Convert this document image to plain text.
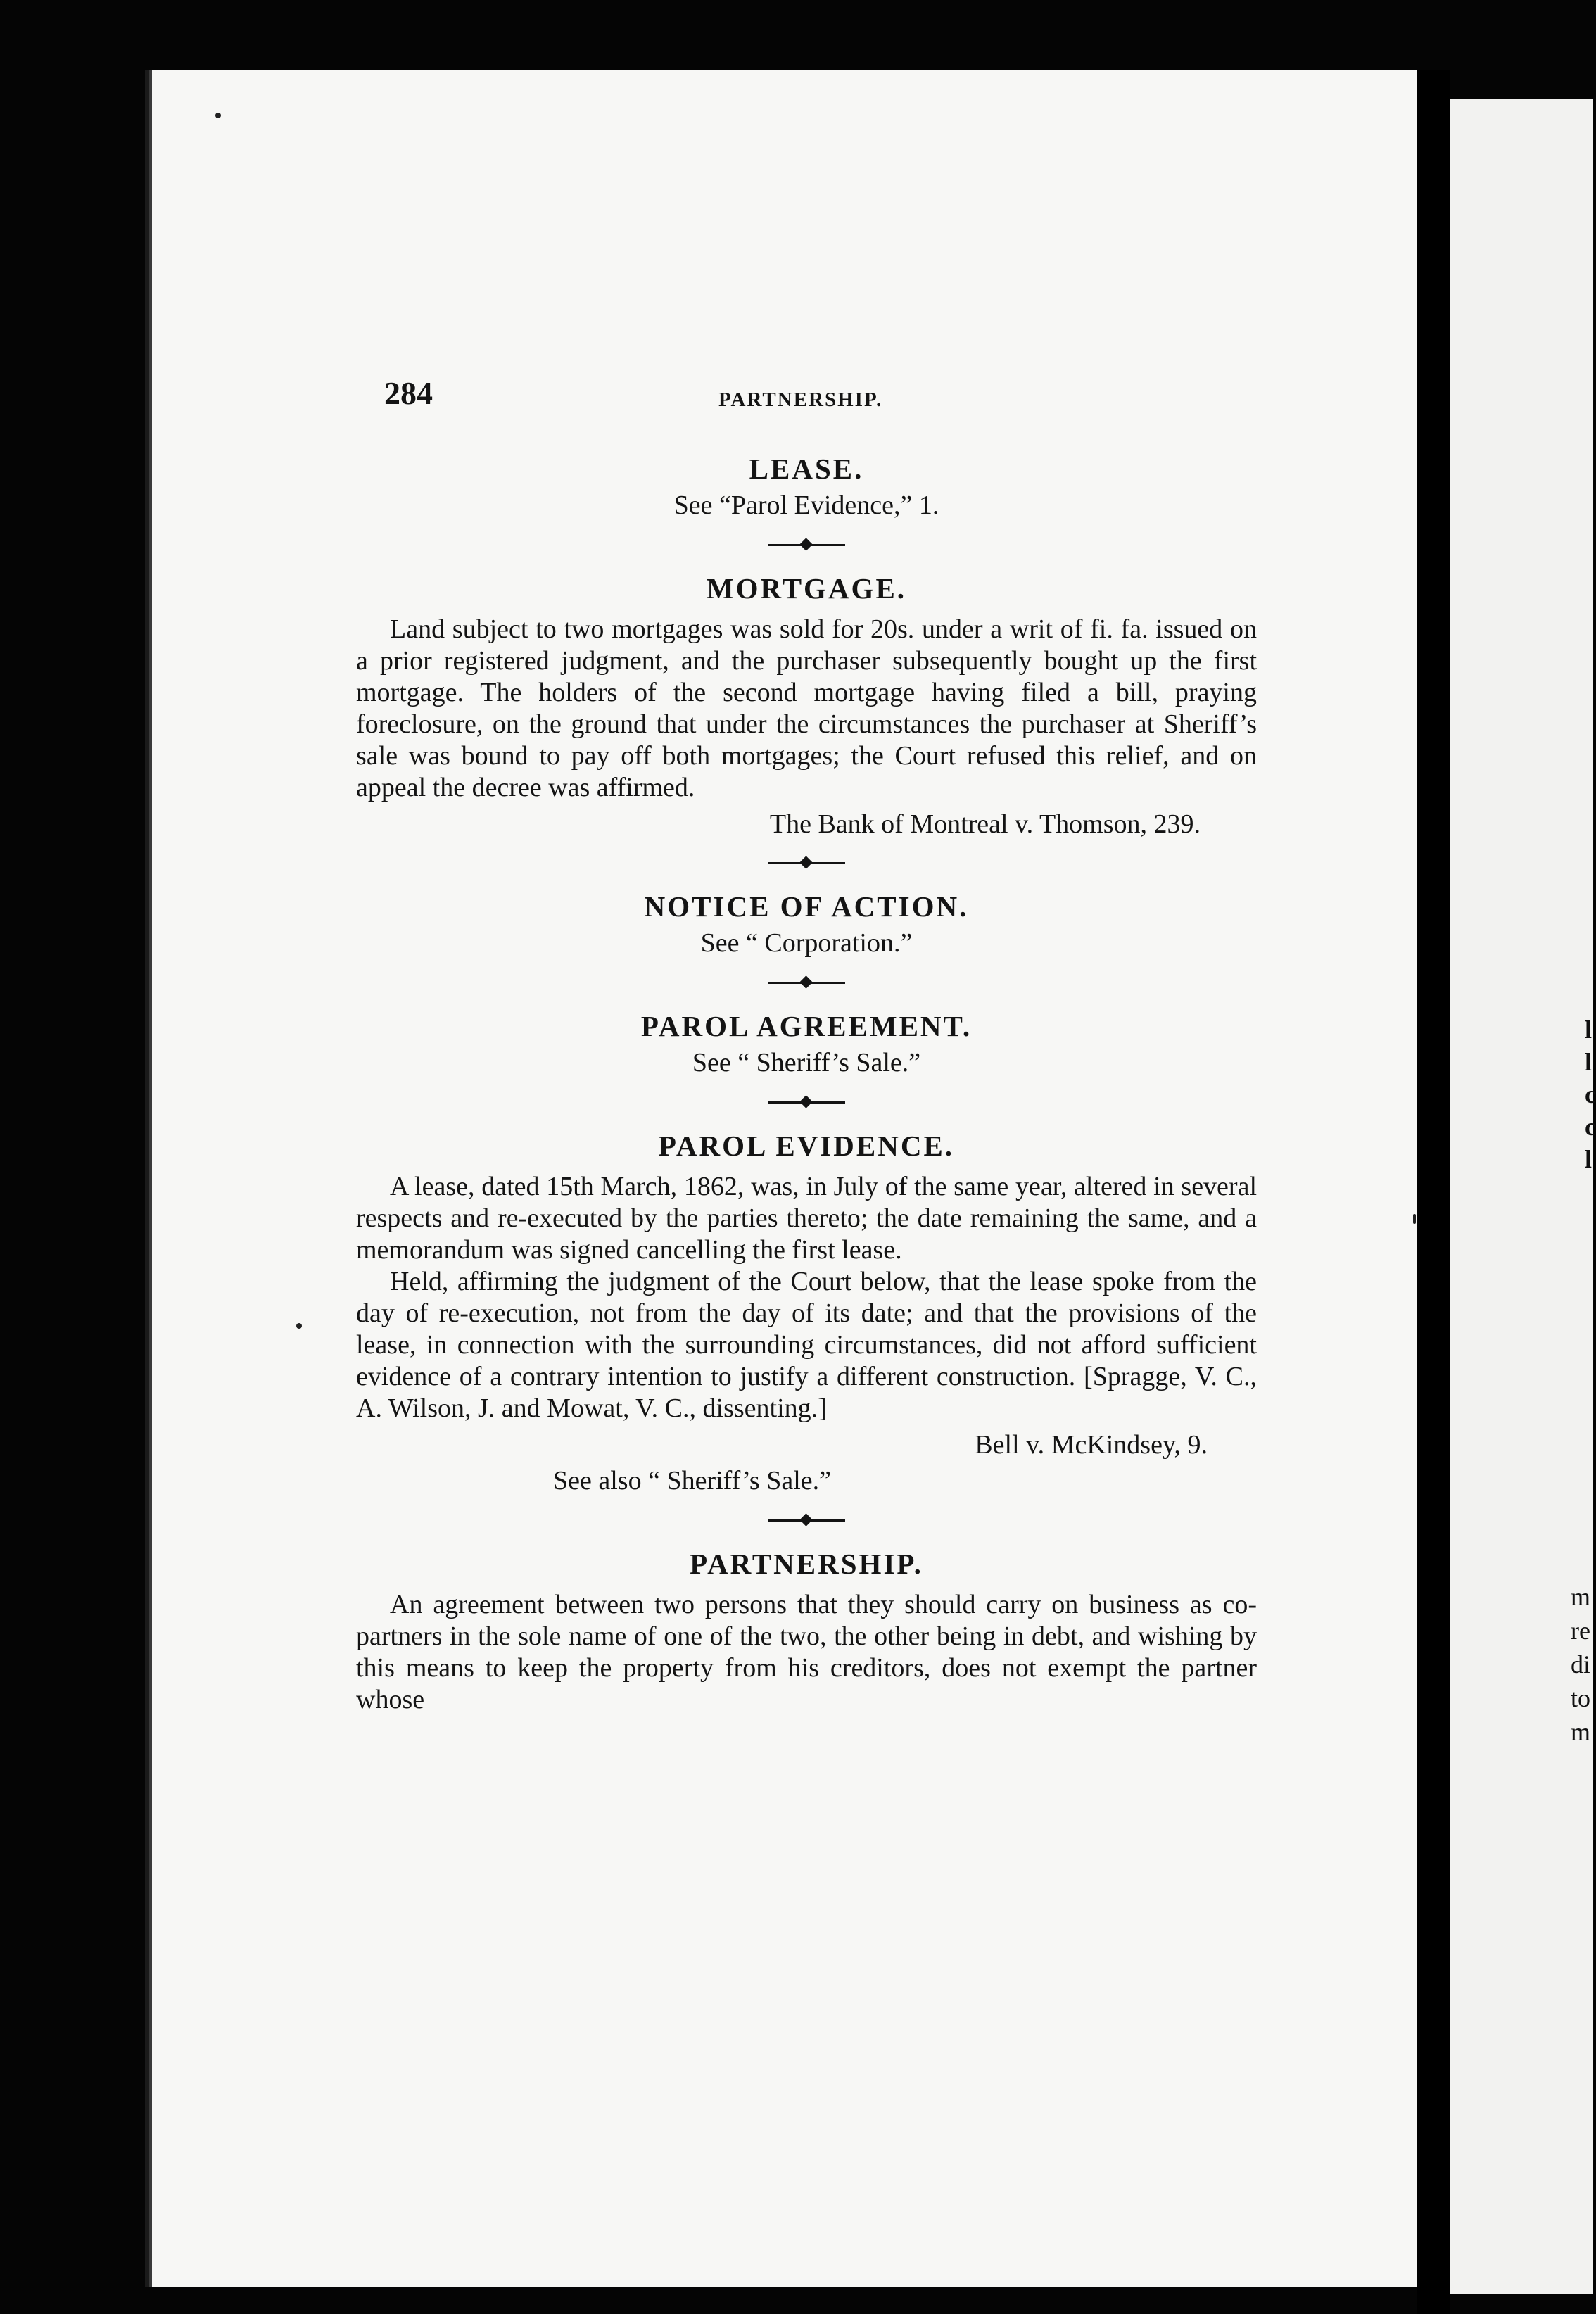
284	PARTNERSHIP.
LEASE.

See “Parol Evidence,” 1.

MORTGAGE.

Land subject to two mortgages was sold for 20s. under a writ of fi. fa. issued on a prior registered judgment, and the purchaser subsequently bought up the first mortgage. The holders of the second mortgage having filed a bill, praying foreclosure, on the ground that under the circumstances the purchaser at Sheriff’s sale was bound to pay off both mortgages; the Court refused this relief, and on appeal the decree was affirmed.

The Bank of Montreal v. Thomson, 239.

NOTICE OF ACTION.

See “ Corporation.”

PAROL AGREEMENT.

See “ Sheriff’s Sale.”

PAROL EVIDENCE.

A lease, dated 15th March, 1862, was, in July of the same year, altered in several respects and re-executed by the parties thereto; the date remaining the same, and a memorandum was signed cancelling the first lease.

Held, affirming the judgment of the Court below, that the lease spoke from the day of re-execution, not from the day of its date; and that the provisions of the lease, in connection with the surrounding circumstances, did not afford sufficient evidence of a contrary intention to justify a different construction. [Spragge, V. C., A. Wilson, J. and Mowat, V. C., dissenting.]

Bell v. McKindsey, 9.

See also “ Sheriff’s Sale.”

PARTNERSHIP.

An agreement between two persons that they should carry on business as co-partners in the sole name of one of the two, the other being in debt, and wishing by this means to keep the property from his creditors, does not exempt the partner whose

l
l
c
c
l
m
re
di
to
m
